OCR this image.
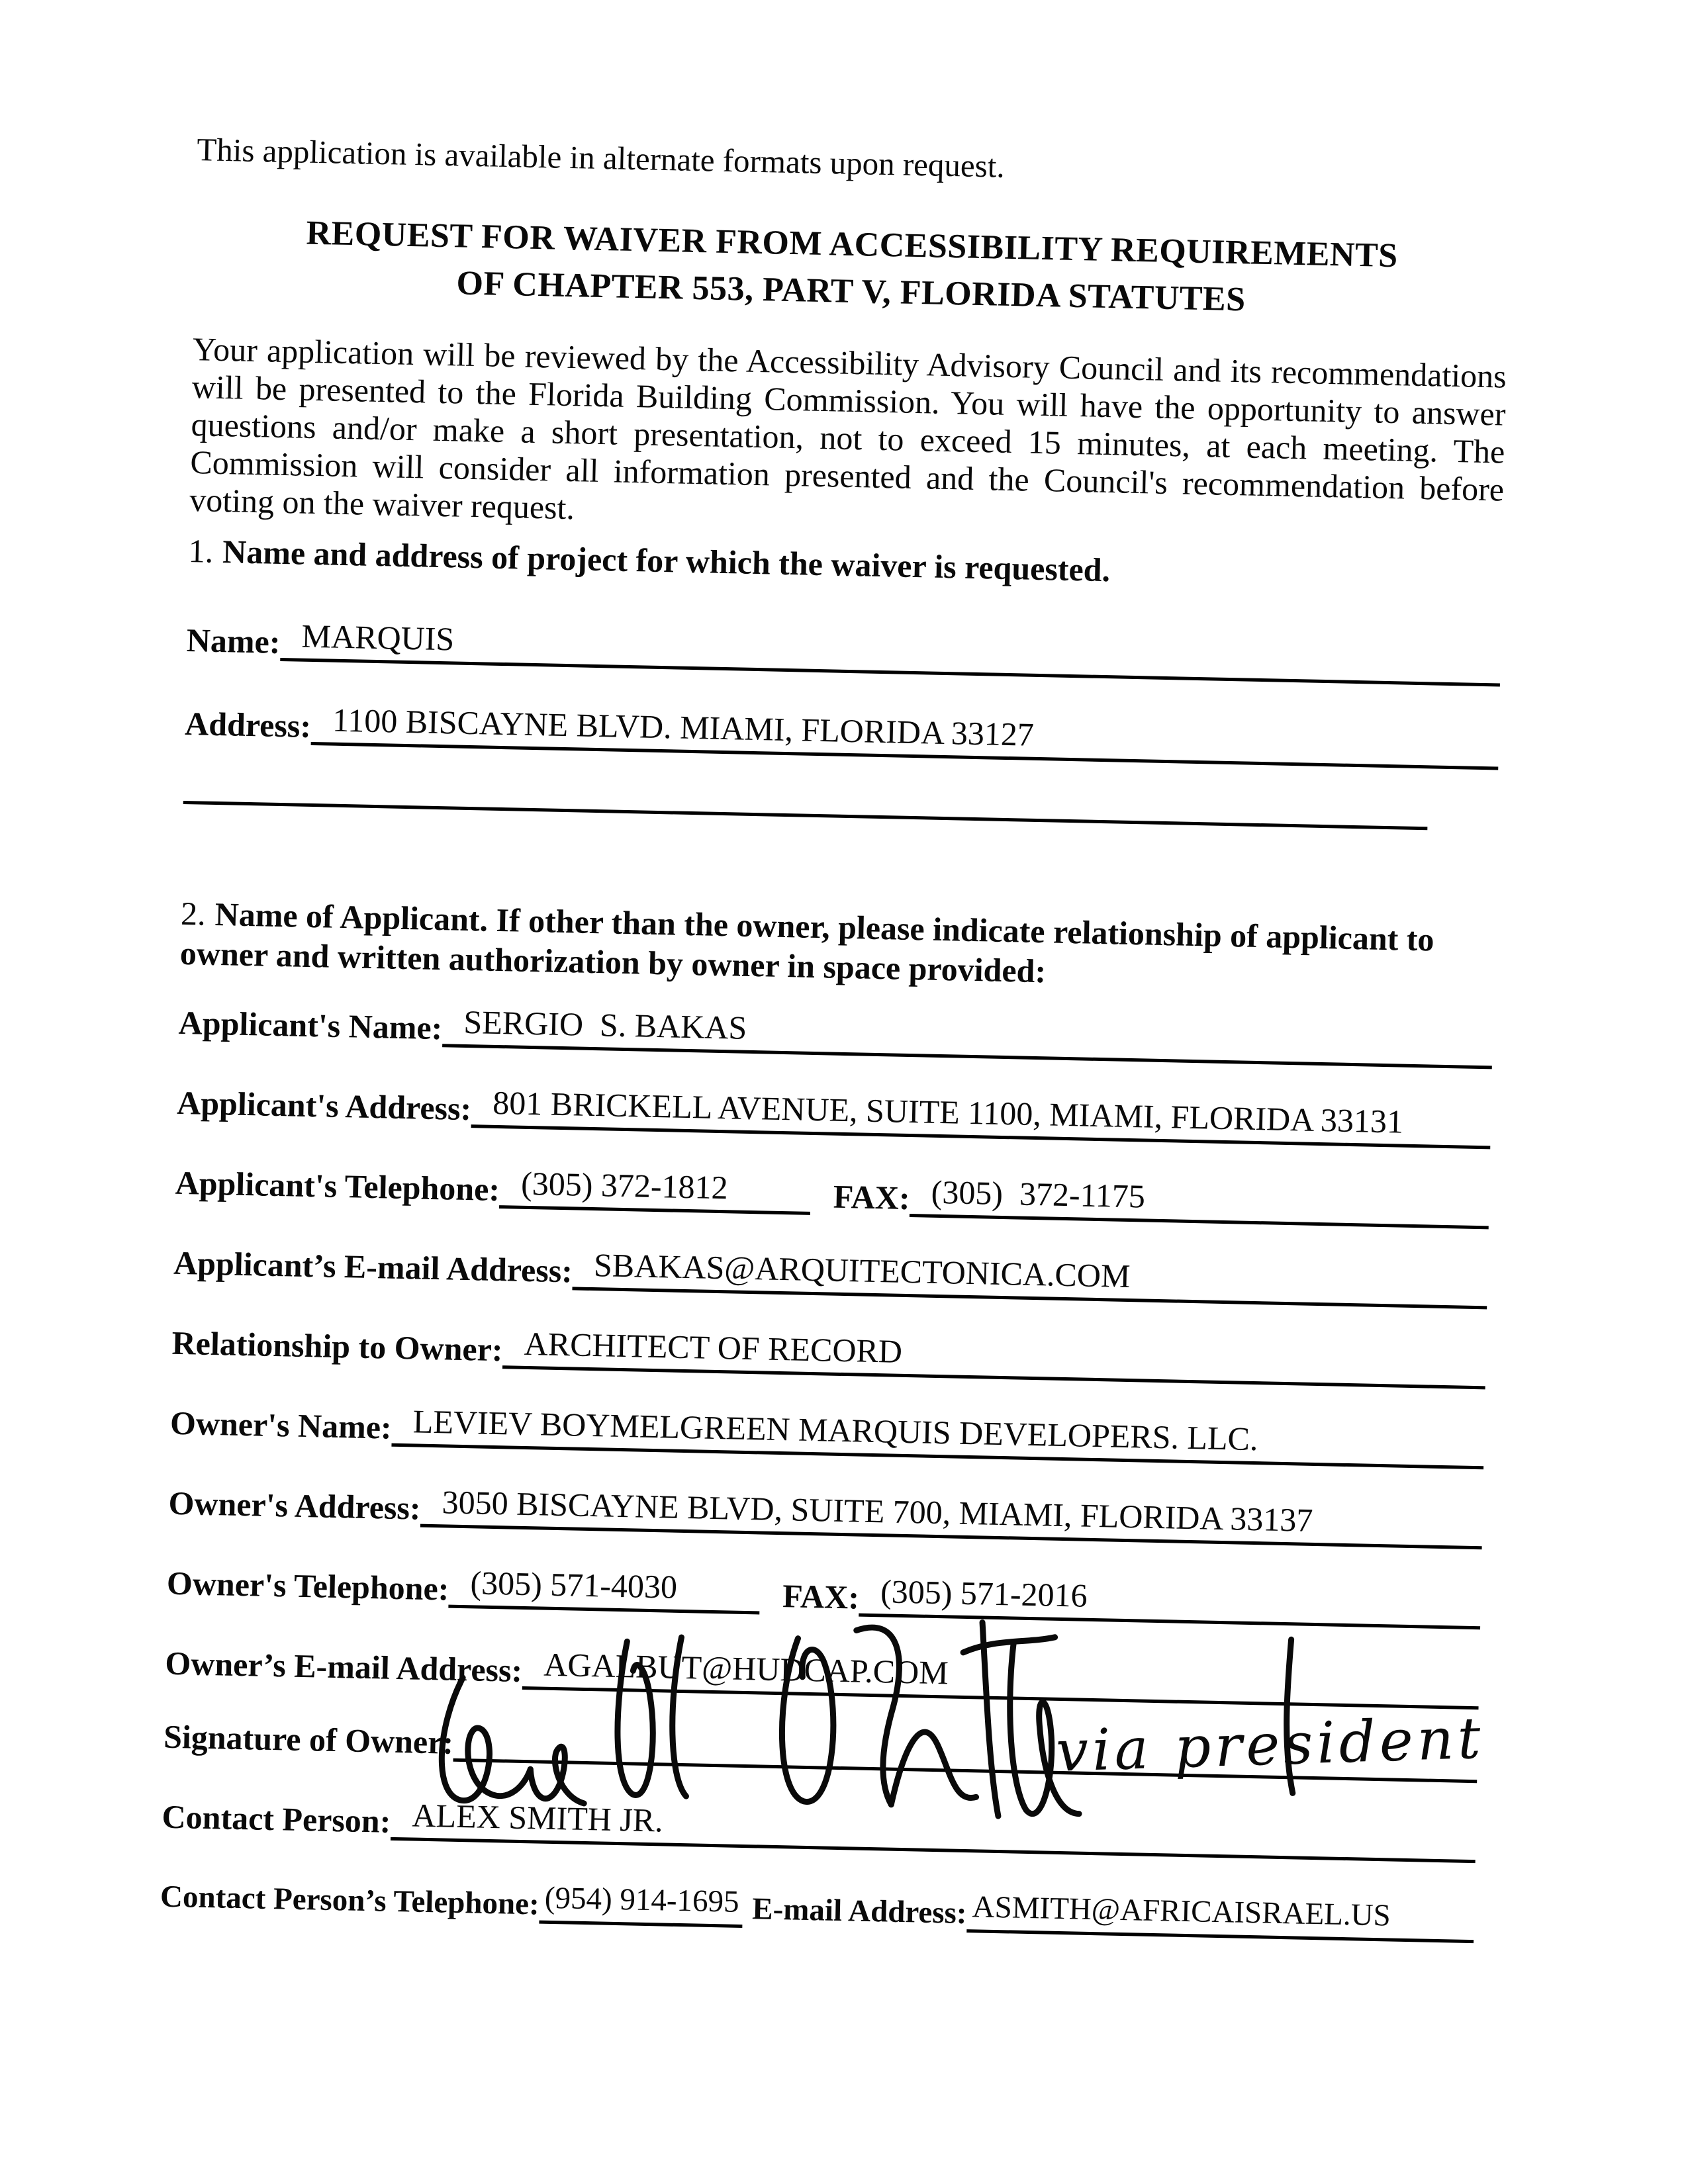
This application is available in alternate formats upon request.
REQUEST FOR WAIVER FROM ACCESSIBILITY REQUIREMENTS
OF CHAPTER 553, PART V, FLORIDA STATUTES
Your application will be reviewed by the Accessibility Advisory Council and its recommendations will be presented to the Florida Building Commission. You will have the opportunity to answer questions and/or make a short presentation, not to exceed 15 minutes, at each meeting. The Commission will consider all information presented and the Council's recommendation before voting on the waiver request.
1. Name and address of project for which the waiver is requested.
Name: MARQUIS
Address: 1100 BISCAYNE BLVD. MIAMI, FLORIDA 33127
2. Name of Applicant. If other than the owner, please indicate relationship of applicant to owner and written authorization by owner in space provided:
Applicant's Name: SERGIO  S. BAKAS
Applicant's Address: 801 BRICKELL AVENUE, SUITE 1100, MIAMI, FLORIDA 33131
Applicant's Telephone: (305) 372-1812	FAX: (305)  372-1175
Applicant’s E-mail Address: SBAKAS@ARQUITECTONICA.COM
Relationship to Owner: ARCHITECT OF RECORD
Owner's Name: LEVIEV BOYMELGREEN MARQUIS DEVELOPERS. LLC.
Owner's Address: 3050 BISCAYNE BLVD, SUITE 700, MIAMI, FLORIDA 33137
Owner's Telephone: (305) 571-4030	FAX: (305) 571-2016
Owner’s E-mail Address: AGALBUT@HUDCAP.COM
Signature of Owner:	via president
Contact Person: ALEX SMITH JR.
Contact Person’s Telephone: (954) 914-1695 E-mail Address: ASMITH@AFRICAISRAEL.US
